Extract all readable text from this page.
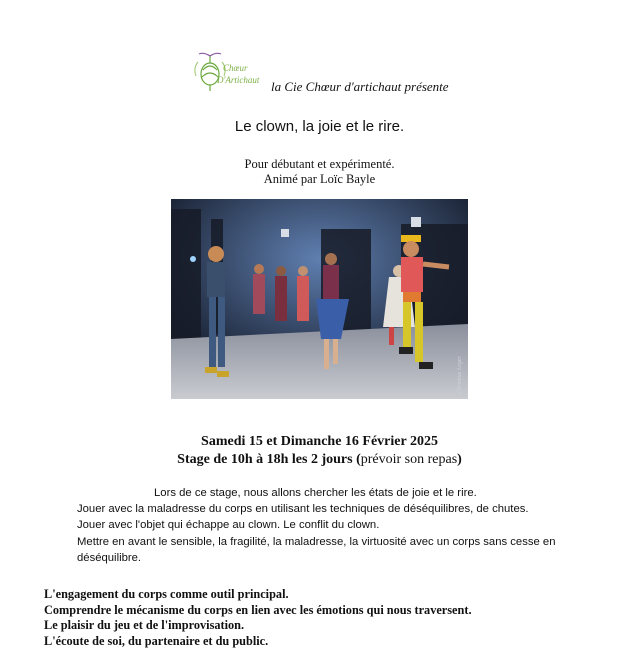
Chœur
D'Artichaut la Cie Chœur d'artichaut présente
Le clown, la joie et le rire.
Pour débutant et expérimenté.
Animé par Loïc Bayle
Christine Leger
Samedi 15 et Dimanche 16 Février 2025
Stage de 10h à 18h les 2 jours (prévoir son repas)
Lors de ce stage, nous allons chercher les états de joie et le rire.
Jouer avec la maladresse du corps en utilisant les techniques de déséquilibres, de chutes.
Jouer avec l'objet qui échappe au clown. Le conflit du clown.
Mettre en avant le sensible, la fragilité, la maladresse, la virtuosité avec un corps sans cesse en
déséquilibre.
L'engagement du corps comme outil principal.
Comprendre le mécanisme du corps en lien avec les émotions qui nous traversent.
Le plaisir du jeu et de l'improvisation.
L'écoute de soi, du partenaire et du public.
